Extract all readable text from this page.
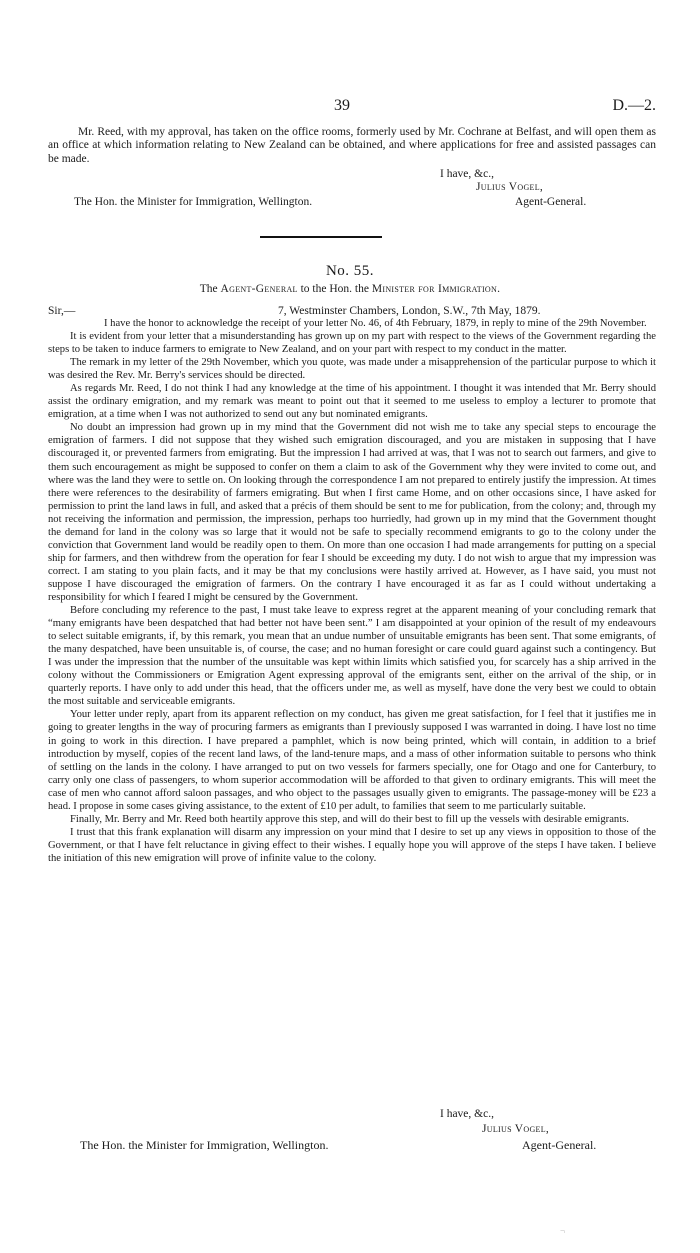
39	D.—2.
Mr. Reed, with my approval, has taken on the office rooms, formerly used by Mr. Cochrane at Belfast, and will open them as an office at which information relating to New Zealand can be obtained, and where applications for free and assisted passages can be made.
I have, &c.,
Julius Vogel,
The Hon. the Minister for Immigration, Wellington.	Agent-General.
No. 55.
The Agent-General to the Hon. the Minister for Immigration.
Sir,—	7, Westminster Chambers, London, S.W., 7th May, 1879.

I have the honor to acknowledge the receipt of your letter No. 46, of 4th February, 1879, in reply to mine of the 29th November.

It is evident from your letter that a misunderstanding has grown up on my part with respect to the views of the Government regarding the steps to be taken to induce farmers to emigrate to New Zealand, and on your part with respect to my conduct in the matter.

The remark in my letter of the 29th November, which you quote, was made under a misapprehension of the particular purpose to which it was desired the Rev. Mr. Berry's services should be directed.

As regards Mr. Reed, I do not think I had any knowledge at the time of his appointment. I thought it was intended that Mr. Berry should assist the ordinary emigration, and my remark was meant to point out that it seemed to me useless to employ a lecturer to promote that emigration, at a time when I was not authorized to send out any but nominated emigrants.

No doubt an impression had grown up in my mind that the Government did not wish me to take any special steps to encourage the emigration of farmers. I did not suppose that they wished such emigration discouraged, and you are mistaken in supposing that I have discouraged it, or prevented farmers from emigrating. But the impression I had arrived at was, that I was not to search out farmers, and give to them such encouragement as might be supposed to confer on them a claim to ask of the Government why they were invited to come out, and where was the land they were to settle on. On looking through the correspondence I am not prepared to entirely justify the impression. At times there were references to the desirability of farmers emigrating. But when I first came Home, and on other occasions since, I have asked for permission to print the land laws in full, and asked that a précis of them should be sent to me for publication, from the colony; and, through my not receiving the information and permission, the impression, perhaps too hurriedly, had grown up in my mind that the Government thought the demand for land in the colony was so large that it would not be safe to specially recommend emigrants to go to the colony under the conviction that Government land would be readily open to them. On more than one occasion I had made arrangements for putting on a special ship for farmers, and then withdrew from the operation for fear I should be exceeding my duty. I do not wish to argue that my impression was correct. I am stating to you plain facts, and it may be that my conclusions were hastily arrived at. However, as I have said, you must not suppose I have discouraged the emigration of farmers. On the contrary I have encouraged it as far as I could without undertaking a responsibility for which I feared I might be censured by the Government.

Before concluding my reference to the past, I must take leave to express regret at the apparent meaning of your concluding remark that “many emigrants have been despatched that had better not have been sent.” I am disappointed at your opinion of the result of my endeavours to select suitable emigrants, if, by this remark, you mean that an undue number of unsuitable emigrants has been sent. That some emigrants, of the many despatched, have been unsuitable is, of course, the case; and no human foresight or care could guard against such a contingency. But I was under the impression that the number of the unsuitable was kept within limits which satisfied you, for scarcely has a ship arrived in the colony without the Commissioners or Emigration Agent expressing approval of the emigrants sent, either on the arrival of the ship, or in quarterly reports. I have only to add under this head, that the officers under me, as well as myself, have done the very best we could to obtain the most suitable and serviceable emigrants.

Your letter under reply, apart from its apparent reflection on my conduct, has given me great satisfaction, for I feel that it justifies me in going to greater lengths in the way of procuring farmers as emigrants than I previously supposed I was warranted in doing. I have lost no time in going to work in this direction. I have prepared a pamphlet, which is now being printed, which will contain, in addition to a brief introduction by myself, copies of the recent land laws, of the land-tenure maps, and a mass of other information suitable to persons who think of settling on the lands in the colony. I have arranged to put on two vessels for farmers specially, one for Otago and one for Canterbury, to carry only one class of passengers, to whom superior accommodation will be afforded to that given to ordinary emigrants. This will meet the case of men who cannot afford saloon passages, and who object to the passages usually given to emigrants. The passage-money will be £23 a head. I propose in some cases giving assistance, to the extent of £10 per adult, to families that seem to me particularly suitable.

Finally, Mr. Berry and Mr. Reed both heartily approve this step, and will do their best to fill up the vessels with desirable emigrants.

I trust that this frank explanation will disarm any impression on your mind that I desire to set up any views in opposition to those of the Government, or that I have felt reluctance in giving effect to their wishes. I equally hope you will approve of the steps I have taken. I believe the initiation of this new emigration will prove of infinite value to the colony.

I have, &c.,
Julius Vogel,
The Hon. the Minister for Immigration, Wellington.	Agent-General.
¬
